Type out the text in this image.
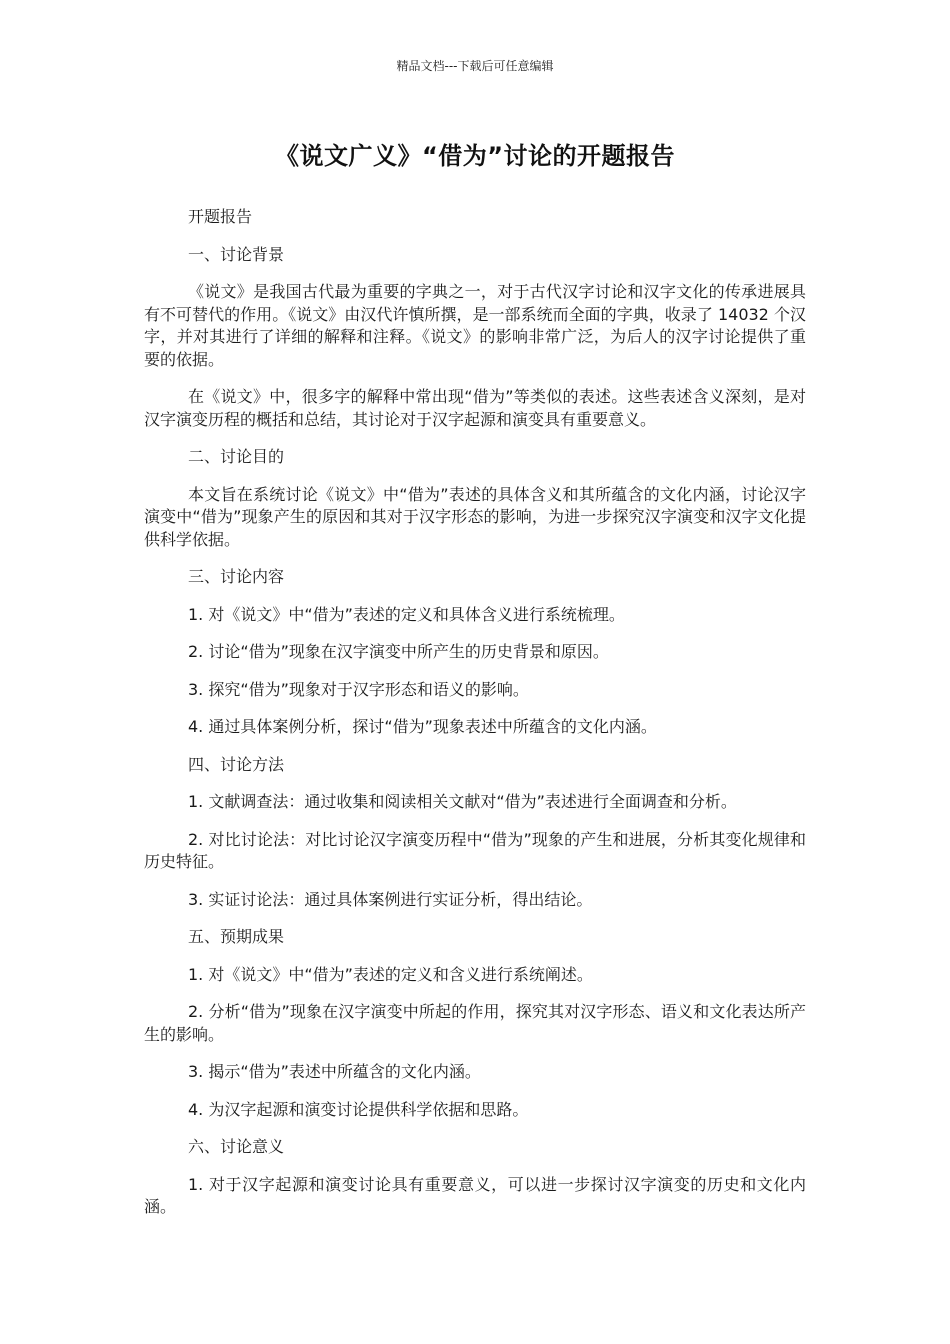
精品文档---下载后可任意编辑
《说文广义》“借为”讨论的开题报告

开题报告

一、讨论背景

《说文》是我国古代最为重要的字典之一，对于古代汉字讨论和汉字文化的传承进展具有不可替代的作用。《说文》由汉代许慎所撰，是一部系统而全面的字典，收录了 14032 个汉字，并对其进行了详细的解释和注释。《说文》的影响非常广泛，为后人的汉字讨论提供了重要的依据。

在《说文》中，很多字的解释中常出现“借为”等类似的表述。这些表述含义深刻，是对汉字演变历程的概括和总结，其讨论对于汉字起源和演变具有重要意义。

二、讨论目的

本文旨在系统讨论《说文》中“借为”表述的具体含义和其所蕴含的文化内涵，讨论汉字演变中“借为”现象产生的原因和其对于汉字形态的影响，为进一步探究汉字演变和汉字文化提供科学依据。

三、讨论内容

1. 对《说文》中“借为”表述的定义和具体含义进行系统梳理。

2. 讨论“借为”现象在汉字演变中所产生的历史背景和原因。

3. 探究“借为”现象对于汉字形态和语义的影响。

4. 通过具体案例分析，探讨“借为”现象表述中所蕴含的文化内涵。

四、讨论方法

1. 文献调查法：通过收集和阅读相关文献对“借为”表述进行全面调查和分析。

2. 对比讨论法：对比讨论汉字演变历程中“借为”现象的产生和进展，分析其变化规律和历史特征。

3. 实证讨论法：通过具体案例进行实证分析，得出结论。

五、预期成果

1. 对《说文》中“借为”表述的定义和含义进行系统阐述。

2. 分析“借为”现象在汉字演变中所起的作用，探究其对汉字形态、语义和文化表达所产生的影响。

3. 揭示“借为”表述中所蕴含的文化内涵。

4. 为汉字起源和演变讨论提供科学依据和思路。

六、讨论意义

1. 对于汉字起源和演变讨论具有重要意义，可以进一步探讨汉字演变的历史和文化内涵。
